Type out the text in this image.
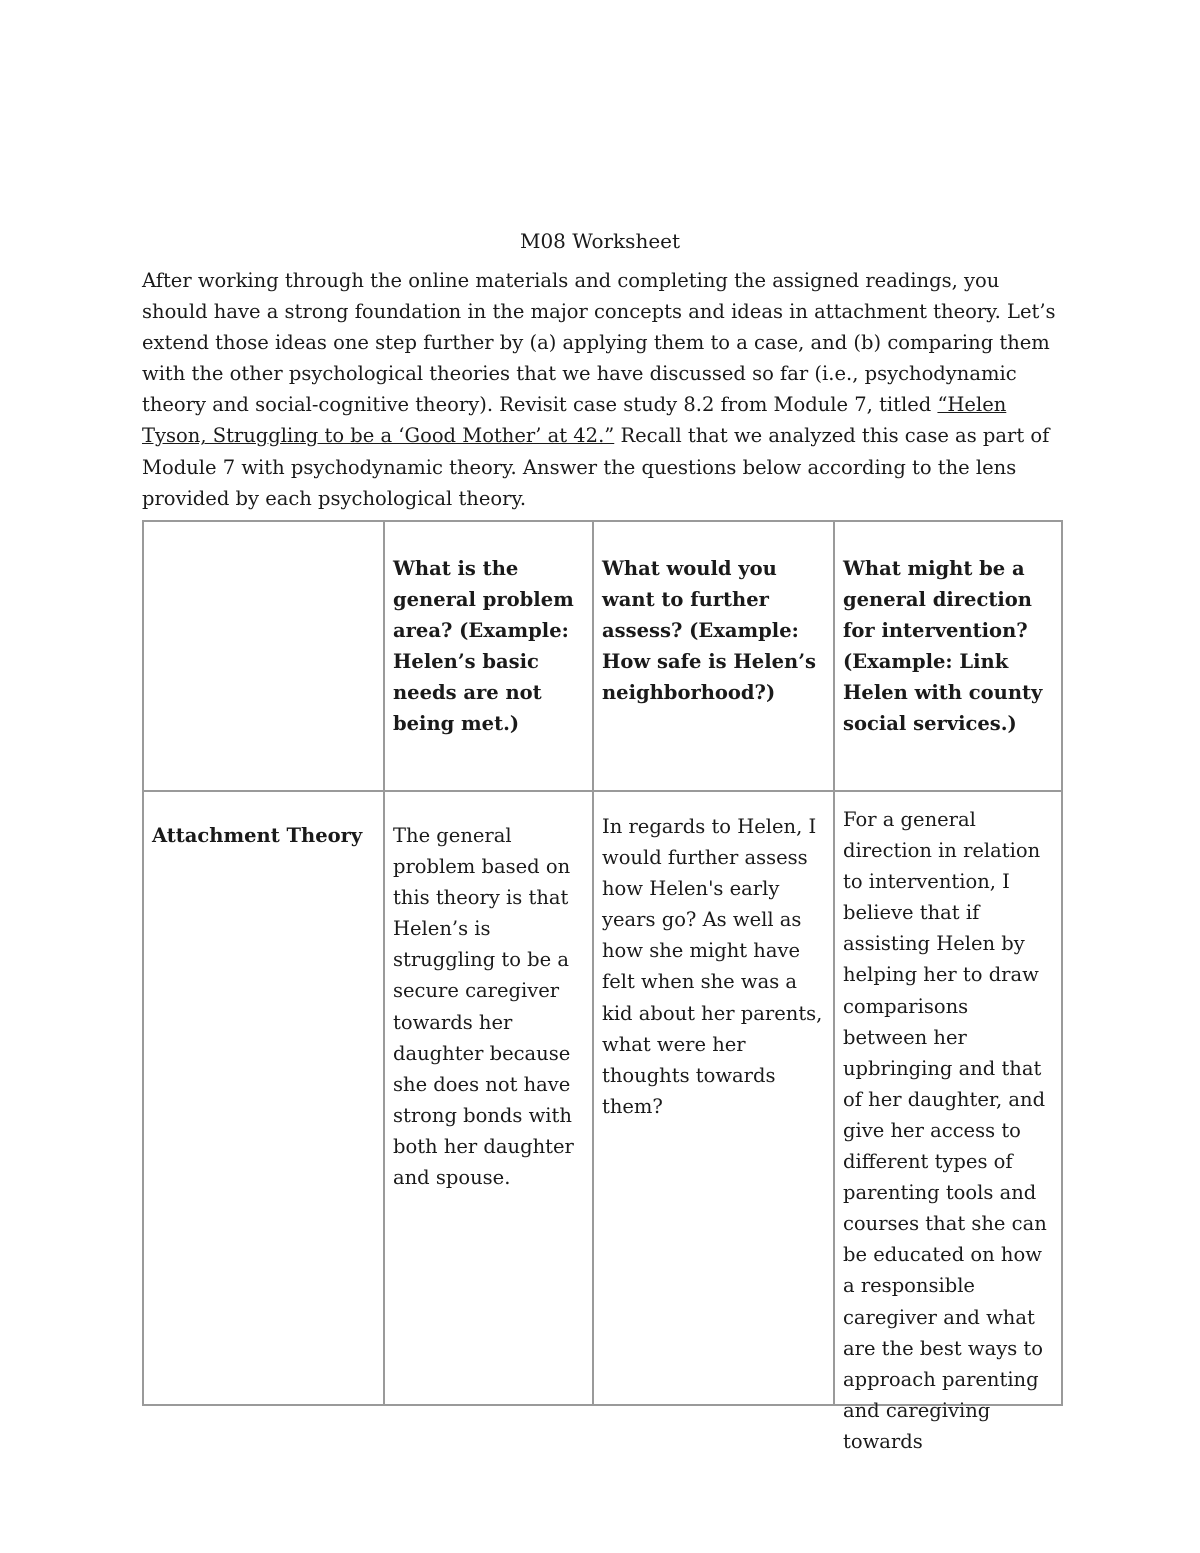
M08 Worksheet

After working through the online materials and completing the assigned readings, you should have a strong foundation in the major concepts and ideas in attachment theory. Let’s extend those ideas one step further by (a) applying them to a case, and (b) comparing them with the other psychological theories that we have discussed so far (i.e., psychodynamic theory and social-cognitive theory). Revisit case study 8.2 from Module 7, titled “Helen Tyson, Struggling to be a ‘Good Mother’ at 42.” Recall that we analyzed this case as part of Module 7 with psychodynamic theory. Answer the questions below according to the lens provided by each psychological theory.

	What is the general problem area? (Example: Helen’s basic needs are not being met.)	What would you want to further assess? (Example: How safe is Helen’s neighborhood?)	What might be a general direction for intervention? (Example: Link Helen with county social services.)

Attachment Theory	The general problem based on this theory is that Helen’s is struggling to be a secure caregiver towards her daughter because she does not have strong bonds with both her daughter and spouse.	In regards to Helen, I would further assess how Helen's early years go? As well as how she might have felt when she was a kid about her parents, what were her thoughts towards them?	For a general direction in relation to intervention, I believe that if assisting Helen by helping her to draw comparisons between her upbringing and that of her daughter, and give her access to different types of parenting tools and courses that she can be educated on how a responsible caregiver and what are the best ways to approach parenting and caregiving towards
